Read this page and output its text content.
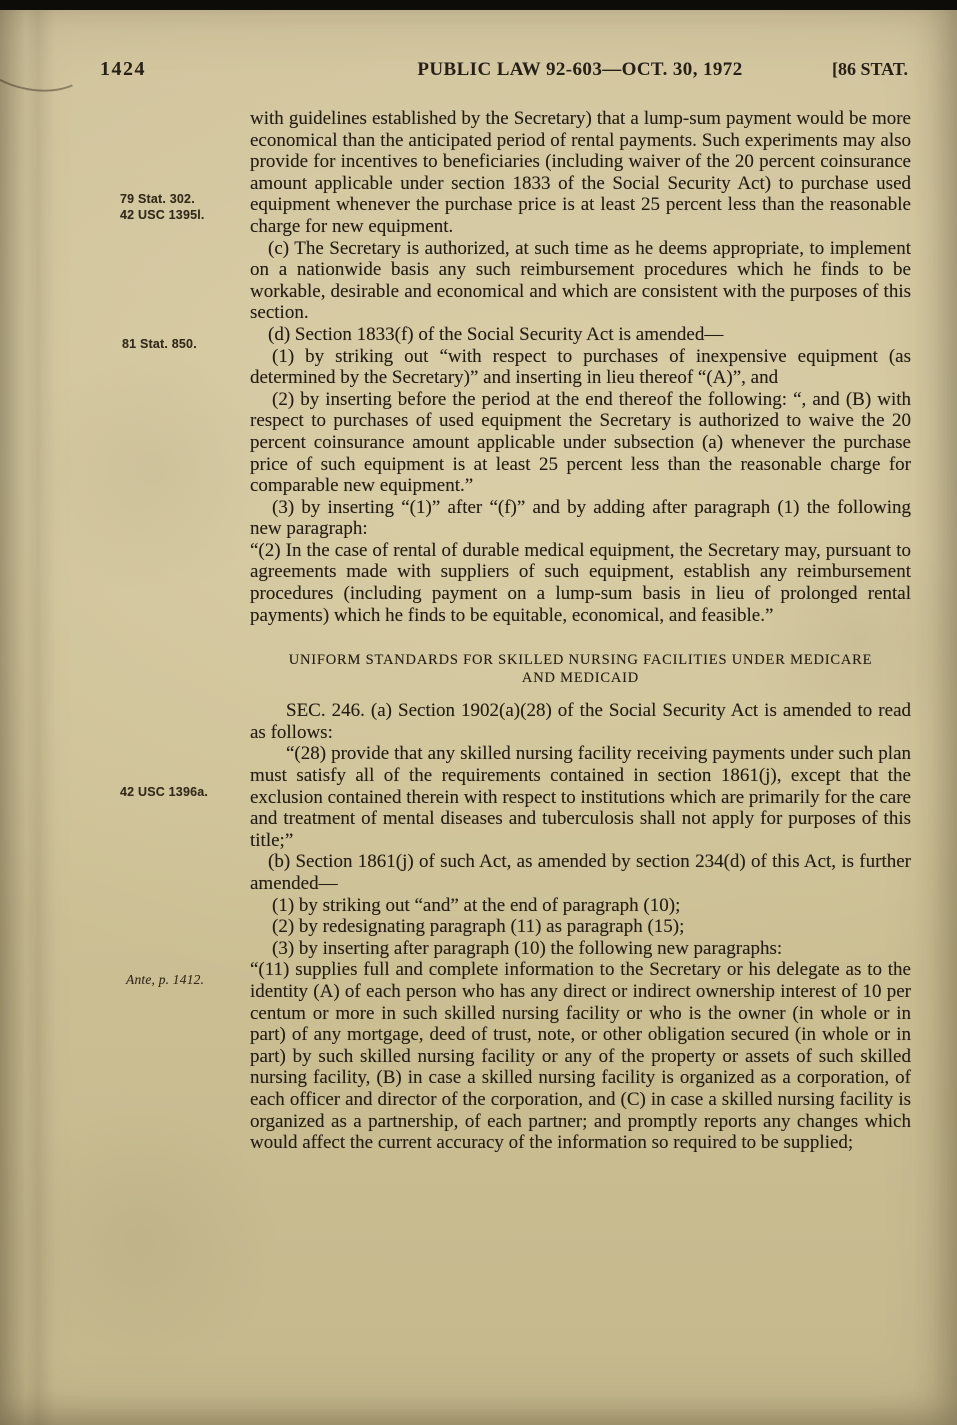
1424	PUBLIC LAW 92-603—OCT. 30, 1972	[86 STAT.
79 Stat. 302.
42 USC 1395l.
81 Stat. 850.
42 USC 1396a.
Ante, p. 1412.

with guidelines established by the Secretary) that a lump-sum payment would be more economical than the anticipated period of rental payments. Such experiments may also provide for incentives to beneficiaries (including waiver of the 20 percent coinsurance amount applicable under section 1833 of the Social Security Act) to purchase used equipment whenever the purchase price is at least 25 percent less than the reasonable charge for new equipment.

(c) The Secretary is authorized, at such time as he deems appropriate, to implement on a nationwide basis any such reimbursement procedures which he finds to be workable, desirable and economical and which are consistent with the purposes of this section.

(d) Section 1833(f) of the Social Security Act is amended—

(1) by striking out “with respect to purchases of inexpensive equipment (as determined by the Secretary)” and inserting in lieu thereof “(A)”, and

(2) by inserting before the period at the end thereof the following: “, and (B) with respect to purchases of used equipment the Secretary is authorized to waive the 20 percent coinsurance amount applicable under subsection (a) whenever the purchase price of such equipment is at least 25 percent less than the reasonable charge for comparable new equipment.”

(3) by inserting “(1)” after “(f)” and by adding after paragraph (1) the following new paragraph:

“(2) In the case of rental of durable medical equipment, the Secretary may, pursuant to agreements made with suppliers of such equipment, establish any reimbursement procedures (including payment on a lump-sum basis in lieu of prolonged rental payments) which he finds to be equitable, economical, and feasible.”

UNIFORM STANDARDS FOR SKILLED NURSING FACILITIES UNDER MEDICARE
AND MEDICAID

SEC. 246. (a) Section 1902(a)(28) of the Social Security Act is amended to read as follows:

“(28) provide that any skilled nursing facility receiving payments under such plan must satisfy all of the requirements contained in section 1861(j), except that the exclusion contained therein with respect to institutions which are primarily for the care and treatment of mental diseases and tuberculosis shall not apply for purposes of this title;”

(b) Section 1861(j) of such Act, as amended by section 234(d) of this Act, is further amended—

(1) by striking out “and” at the end of paragraph (10);

(2) by redesignating paragraph (11) as paragraph (15);

(3) by inserting after paragraph (10) the following new paragraphs:

“(11) supplies full and complete information to the Secretary or his delegate as to the identity (A) of each person who has any direct or indirect ownership interest of 10 per centum or more in such skilled nursing facility or who is the owner (in whole or in part) of any mortgage, deed of trust, note, or other obligation secured (in whole or in part) by such skilled nursing facility or any of the property or assets of such skilled nursing facility, (B) in case a skilled nursing facility is organized as a corporation, of each officer and director of the corporation, and (C) in case a skilled nursing facility is organized as a partnership, of each partner; and promptly reports any changes which would affect the current accuracy of the information so required to be supplied;
